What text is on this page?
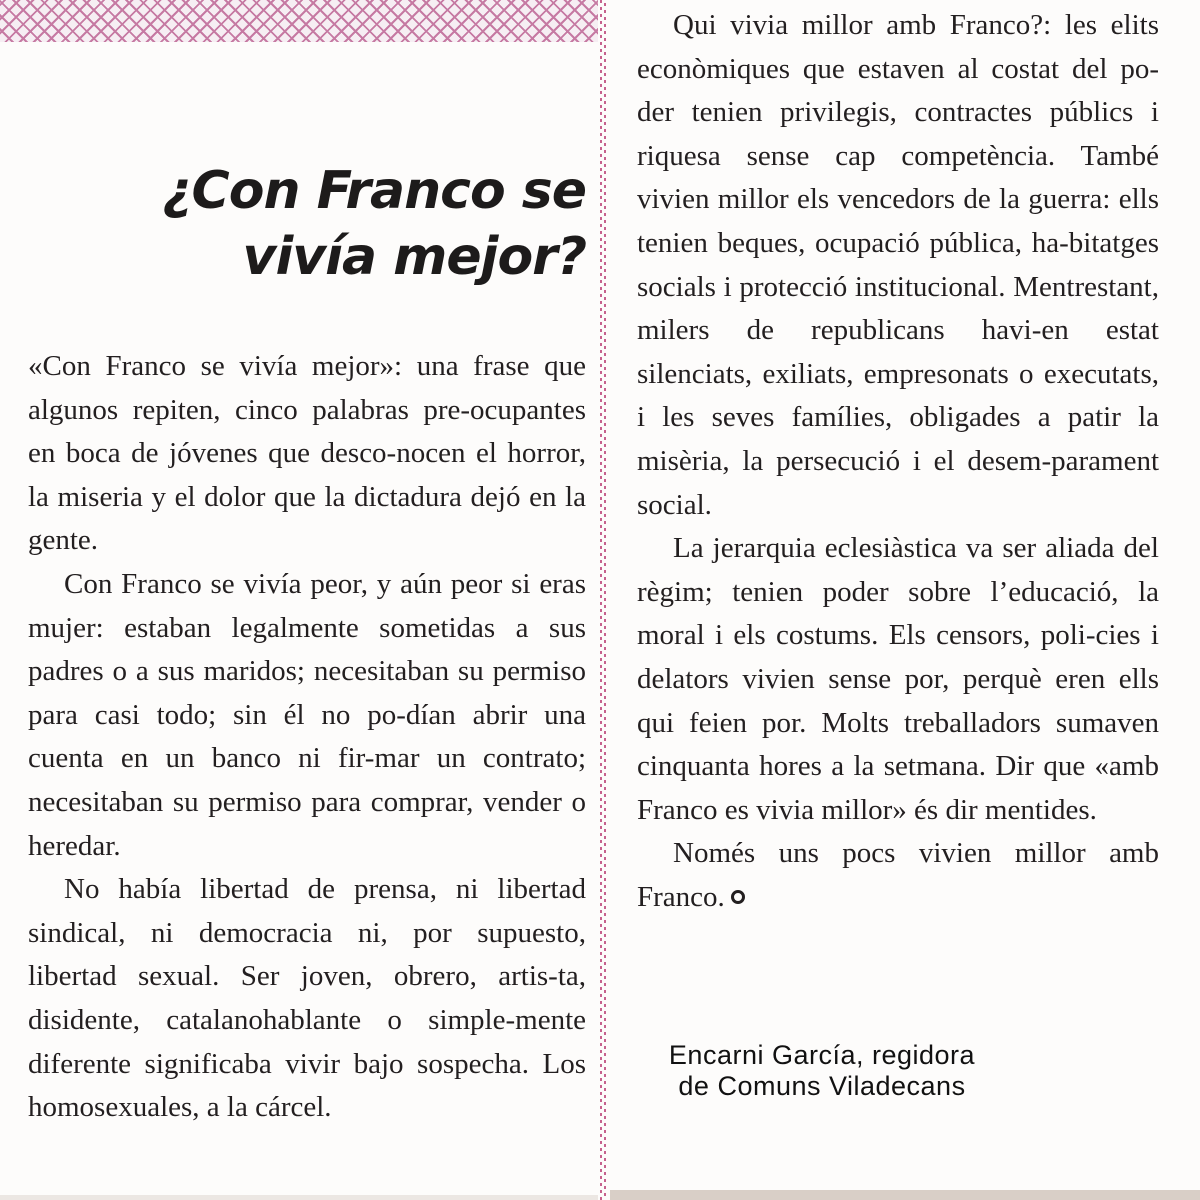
¿Con Franco se
vivía mejor?

«Con Franco se vivía mejor»: una frase que algunos repiten, cinco palabras pre-ocupantes en boca de jóvenes que desco-nocen el horror, la miseria y el dolor que la dictadura dejó en la gente.

Con Franco se vivía peor, y aún peor si eras mujer: estaban legalmente sometidas a sus padres o a sus maridos; necesitaban su permiso para casi todo; sin él no po-dían abrir una cuenta en un banco ni fir-mar un contrato; necesitaban su permiso para comprar, vender o heredar.

No había libertad de prensa, ni libertad sindical, ni democracia ni, por supuesto, libertad sexual. Ser joven, obrero, artis-ta, disidente, catalanohablante o simple-mente diferente significaba vivir bajo sospecha. Los homosexuales, a la cárcel.

Qui vivia millor amb Franco?: les elits econòmiques que estaven al costat del po-der tenien privilegis, contractes públics i riquesa sense cap competència. També vivien millor els vencedors de la guerra: ells tenien beques, ocupació pública, ha-bitatges socials i protecció institucional. Mentrestant, milers de republicans havi-en estat silenciats, exiliats, empresonats o executats, i les seves famílies, obligades a patir la misèria, la persecució i el desem-parament social.

La jerarquia eclesiàstica va ser aliada del règim; tenien poder sobre l’educació, la moral i els costums. Els censors, poli-cies i delators vivien sense por, perquè eren ells qui feien por. Molts treballadors sumaven cinquanta hores a la setmana. Dir que «amb Franco es vivia millor» és dir mentides.

Només uns pocs vivien millor amb Franco.

Encarni García, regidora
de Comuns Viladecans
